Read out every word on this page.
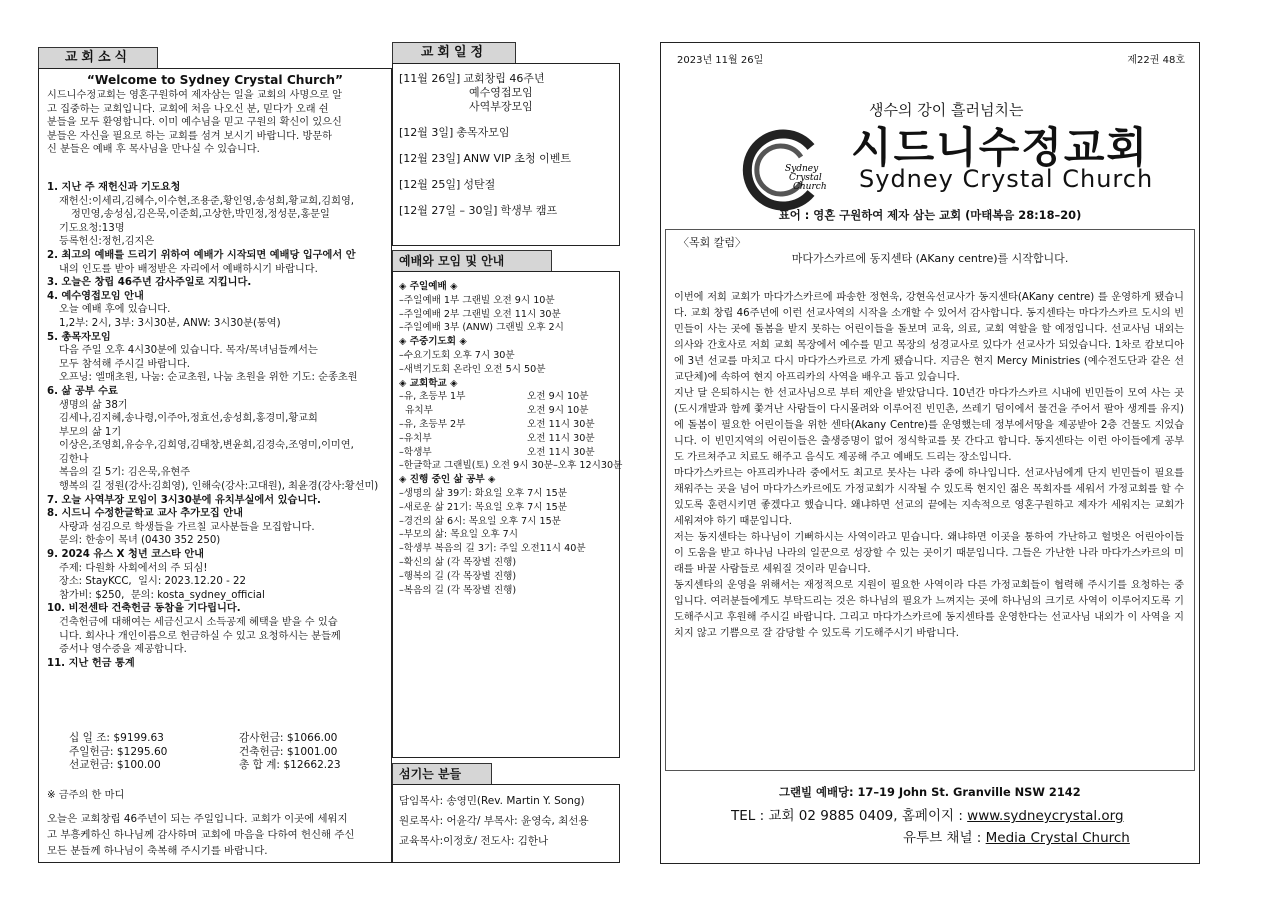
교회소식
“Welcome to Sydney Crystal Church”
시드니수정교회는 영혼구원하여 제자삼는 일을 교회의 사명으로 알
고 집중하는 교회입니다. 교회에 처음 나오신 분, 믿다가 오래 쉰
분들을 모두 환영합니다. 이미 예수님을 믿고 구원의 확신이 있으신
분들은 자신을 필요로 하는 교회를 섬겨 보시기 바랍니다. 방문하
신 분들은 예배 후 목사님을 만나실 수 있습니다.
1. 지난 주 재헌신과 기도요청
재헌신:이세리,김혜수,이수현,조용준,황인영,송성희,황교희,김희영,
정민영,송성심,김은묵,이준희,고상한,박민정,정성문,홍문일
기도요청:13명
등록헌신:정헌,김지은
2. 최고의 예배를 드리기 위하여 예배가 시작되면 예배당 입구에서 안
내의 인도를 받아 배정받은 자리에서 예배하시기 바랍니다.
3. 오늘은 창립 46주년 감사주일로 지킵니다.
4. 예수영접모임 안내
오늘 예배 후에 있습니다.
1,2부: 2시, 3부: 3시30분, ANW: 3시30분(통역)
5. 총목자모임
다음 주일 오후 4시30분에 있습니다. 목자/목녀님들께서는
모두 참석해 주시길 바랍니다.
오프닝: 엘매초원, 나눔: 순교초원, 나눔 초원을 위한 기도: 순종초원
6. 삶 공부 수료
생명의 삶 38기
김세나,김지혜,송나령,이주아,정효선,송성희,홍경미,황교희
부모의 삶 1기
이상은,조영희,유승우,김희영,김태창,변윤희,김경숙,조영미,이미연,
김한나
복음의 길 5기: 김은묵,유현주
행복의 길 정원(강사:김희영), 인해숙(강사:고대원), 최윤경(강사:황선미)
7. 오늘 사역부장 모임이 3시30분에 유치부실에서 있습니다.
8. 시드니 수정한글학교 교사 추가모집 안내
사랑과 섬김으로 학생들을 가르칠 교사분들을 모집합니다.
문의: 한송이 목녀 (0430 352 250)
9. 2024 유스 X 청년 코스타 안내
주제: 다원화 사회에서의 주 되심!
장소: StayKCC,  일시: 2023.12.20 - 22
참가비: $250,  문의: kosta_sydney_official
10. 비전센타 건축헌금 동참을 기다립니다.
건축헌금에 대해여는 세금신고시 소득공제 혜택을 받을 수 있습
니다. 회사나 개인이름으로 헌금하실 수 있고 요청하시는 분들께
증서나 영수증을 제공합니다.
11. 지난 헌금 통계
십 일 조: $9199.63	감사헌금: $1066.00
주일헌금: $1295.60	건축헌금: $1001.00
선교헌금: $100.00	총 합 계: $12662.23
※ 금주의 한 마디
오늘은 교회창립 46주년이 되는 주일입니다. 교회가 이곳에 세워지
고 부흥케하신 하나님께 감사하며 교회에 마음을 다하여 헌신해 주신
모든 분들께 하나님이 축복해 주시기를 바랍니다.
교회일정
[11월 26일] 교회창립 46주년
예수영접모임
사역부장모임
[12월 3일] 총목자모임
[12월 23일] ANW VIP 초청 이벤트
[12월 25일] 성탄절
[12월 27일 – 30일] 학생부 캠프
예배와 모임 및 안내
◈ 주일예배 ◈
–주일예배 1부 그랜빌 오전 9시 10분
–주일예배 2부 그랜빌 오전 11시 30분
–주일예배 3부 (ANW) 그랜빌 오후 2시
◈ 주중기도회 ◈
–수요기도회 오후 7시 30분
–새벽기도회 온라인 오전 5시 50분
◈ 교회학교 ◈
–유, 초등부 1부	오전 9시 10분
유치부	오전 9시 10분
–유, 초등부 2부	오전 11시 30분
–유치부	오전 11시 30분
–학생부	오전 11시 30분
–한글학교 그랜빌(토) 오전 9시 30분–오후 12시30분
◈ 진행 중인 삶 공부 ◈
–생명의 삶 39기: 화요일 오후 7시 15분
–새로운 삶 21기: 목요일 오후 7시 15분
–경건의 삶 6시: 목요일 오후 7시 15분
–부모의 삶: 목요일 오후 7시
–학생부 복음의 길 3기: 주일 오전11시 40분
–확신의 삶 (각 목장별 진행)
–행복의 길 (각 목장별 진행)
–복음의 길 (각 목장별 진행)
섬기는 분들
담임목사: 송영민(Rev. Martin Y. Song)
원로목사: 어윤각/ 부목사: 윤영숙, 최선용
교육목사:이정호/ 전도사: 김한나
2023년 11월 26일	제22권 48호
생수의 강이 흘러넘치는
Sydney
Crystal
Church
시드니수정교회
Sydney Crystal Church
표어 : 영혼 구원하여 제자 삼는 교회 (마태복음 28:18–20)
〈목회 칼럼〉
마다가스카르에 동지센타 (AKany centre)를 시작합니다.
이번에 저희 교회가 마다가스카르에 파송한 정현욱, 강현옥선교사가 동지센타(AKany centre) 를 운영하게 됐습니다. 교회 창립 46주년에 이런 선교사역의 시작을 소개할 수 있어서 감사합니다. 동지센타는 마다가스카르 도시의 빈민들이 사는 곳에 돌봄을 받지 못하는 어린이들을 돌보며 교육, 의료, 교회 역할을 할 예정입니다. 선교사님 내외는 의사와 간호사로 저희 교회 목장에서 예수를 믿고 목장의 성경교사로 있다가 선교사가 되었습니다. 1차로 캄보디아에 3년 선교를 마치고 다시 마다가스카르로 가게 됐습니다. 지금은 현지 Mercy Ministries (예수전도단과 같은 선교단체)에 속하여 현지 아프리카의 사역을 배우고 돕고 있습니다.
지난 달 은퇴하시는 한 선교사님으로 부터 제안을 받았답니다. 10년간 마다가스카르 시내에 빈민들이 모여 사는 곳 (도시개발과 함께 쫓겨난 사람들이 다시몰려와 이루어진 빈민촌, 쓰레기 덤이에서 물건을 주어서 팔아 생계를 유지)에 돌봄이 필요한 어린이들을 위한 센타(Akany Centre)를 운영했는데 정부에서땅을 제공받아 2층 건물도 지었습니다. 이 빈민지역의 어린이들은 출생증명이 없어 정식학교를 못 간다고 합니다. 동지센타는 이런 아이들에게 공부도 가르쳐주고 치료도 해주고 음식도 제공해 주고 예배도 드리는 장소입니다.
마다가스카르는 아프리카나라 중에서도 최고로 못사는 나라 중에 하나입니다. 선교사님에게 단지 빈민들이 필요를 채워주는 곳을 넘어 마다가스카르에도 가정교회가 시작될 수 있도록 현지인 젊은 목회자를 세워서 가정교회를 할 수 있도록 훈련시키면 좋겠다고 했습니다. 왜냐하면 선교의 끝에는 지속적으로 영혼구원하고 제자가 세워지는 교회가 세워져야 하기 때문입니다.
저는 동지센타는 하나님이 기뻐하시는 사역이라고 믿습니다. 왜냐하면 이곳을 통하여 가난하고 헐벗은 어린아이들이 도움을 받고 하나님 나라의 일꾼으로 성장할 수 있는 곳이기 때문입니다. 그들은 가난한 나라 마다가스카르의 미래를 바꿀 사람들로 세워질 것이라 믿습니다.
동지센타의 운영을 위해서는 재정적으로 지원이 필요한 사역이라 다른 가정교회들이 협력해 주시기를 요청하는 중입니다. 여러분들에게도 부탁드리는 것은 하나님의 필요가 느껴지는 곳에 하나님의 크기로 사역이 이루어지도록 기도해주시고 후원해 주시길 바랍니다. 그리고 마다가스카르에 동지센타를 운영한다는 선교사님 내외가 이 사역을 지치지 않고 기쁨으로 잘 감당할 수 있도록 기도해주시기 바랍니다.
그랜빌 예배당: 17–19 John St. Granville NSW 2142
TEL : 교회 02 9885 0409, 홈페이지 : www.sydneycrystal.org
유투브 채널 : Media Crystal Church
